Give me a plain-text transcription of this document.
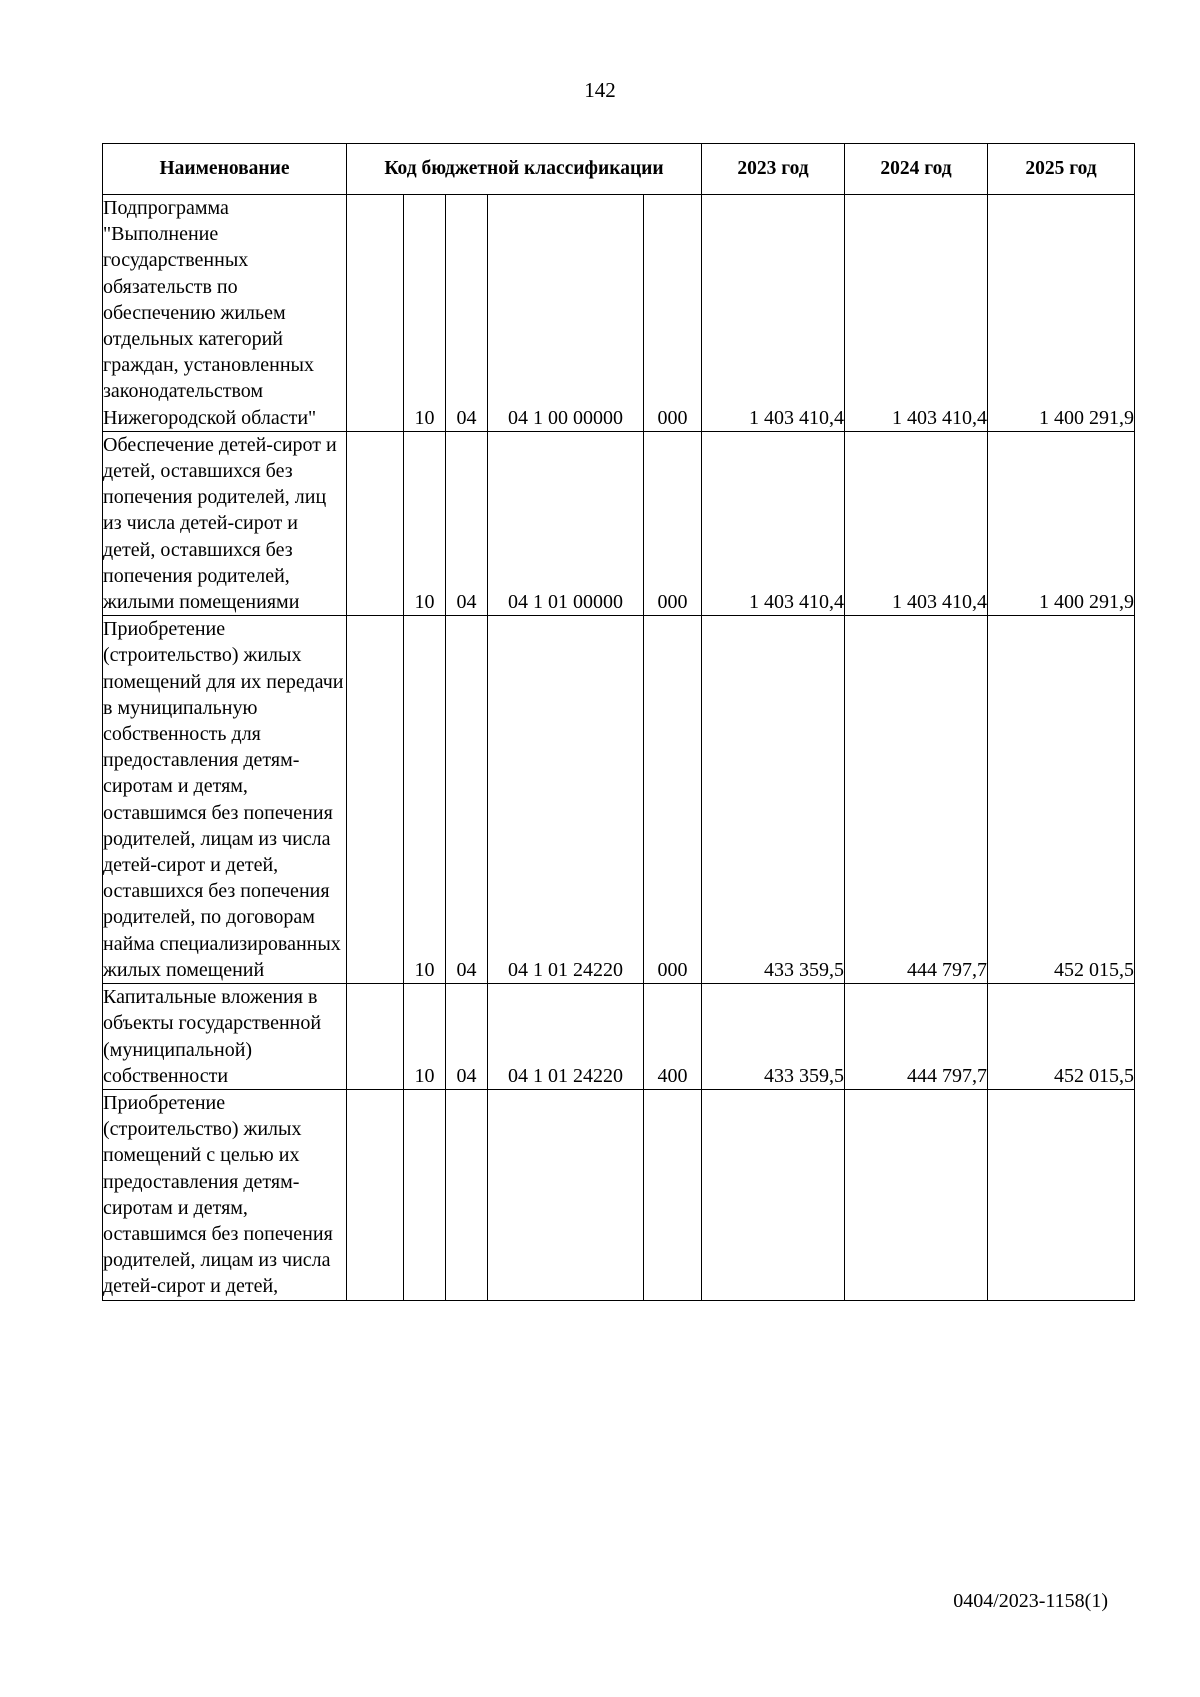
142
Наименование	Код бюджетной классификации					2023 год	2024 год	2025 год
Подпрограмма "Выполнение государственных обязательств по обеспечению жильем отдельных категорий граждан, установленных законодательством Нижегородской области"		10	04	04 1 00 00000	000	1 403 410,4	1 403 410,4	1 400 291,9
Обеспечение детей-сирот и детей, оставшихся без попечения родителей, лиц из числа детей-сирот и детей, оставшихся без попечения родителей, жилыми помещениями		10	04	04 1 01 00000	000	1 403 410,4	1 403 410,4	1 400 291,9
Приобретение (строительство) жилых помещений для их передачи в муниципальную собственность для предоставления детям-сиротам и детям, оставшимся без попечения родителей, лицам из числа детей-сирот и детей, оставшихся без попечения родителей, по договорам найма специализированных жилых помещений		10	04	04 1 01 24220	000	433 359,5	444 797,7	452 015,5
Капитальные вложения в объекты государственной (муниципальной) собственности		10	04	04 1 01 24220	400	433 359,5	444 797,7	452 015,5
Приобретение (строительство) жилых помещений с целью их предоставления детям-сиротам и детям, оставшимся без попечения родителей, лицам из числа детей-сирот и детей,								
0404/2023-1158(1)
